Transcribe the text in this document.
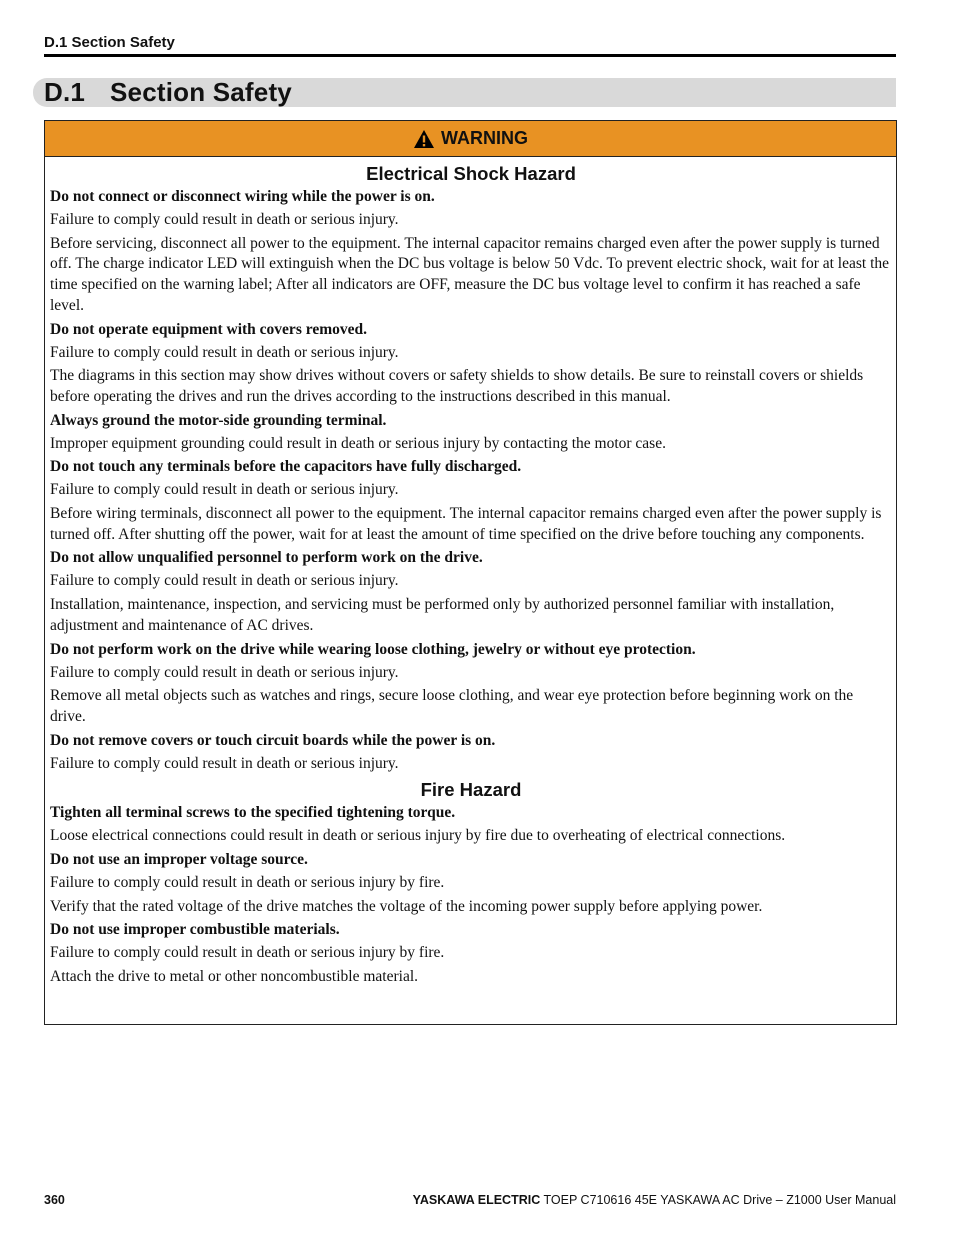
D.1 Section Safety
D.1 Section Safety
WARNING
Electrical Shock Hazard
Do not connect or disconnect wiring while the power is on.
Failure to comply could result in death or serious injury.
Before servicing, disconnect all power to the equipment. The internal capacitor remains charged even after the power supply is turned off. The charge indicator LED will extinguish when the DC bus voltage is below 50 Vdc. To prevent electric shock, wait for at least the time specified on the warning label; After all indicators are OFF, measure the DC bus voltage level to confirm it has reached a safe level.
Do not operate equipment with covers removed.
Failure to comply could result in death or serious injury.
The diagrams in this section may show drives without covers or safety shields to show details. Be sure to reinstall covers or shields before operating the drives and run the drives according to the instructions described in this manual.
Always ground the motor-side grounding terminal.
Improper equipment grounding could result in death or serious injury by contacting the motor case.
Do not touch any terminals before the capacitors have fully discharged.
Failure to comply could result in death or serious injury.
Before wiring terminals, disconnect all power to the equipment. The internal capacitor remains charged even after the power supply is turned off. After shutting off the power, wait for at least the amount of time specified on the drive before touching any components.
Do not allow unqualified personnel to perform work on the drive.
Failure to comply could result in death or serious injury.
Installation, maintenance, inspection, and servicing must be performed only by authorized personnel familiar with installation, adjustment and maintenance of AC drives.
Do not perform work on the drive while wearing loose clothing, jewelry or without eye protection.
Failure to comply could result in death or serious injury.
Remove all metal objects such as watches and rings, secure loose clothing, and wear eye protection before beginning work on the drive.
Do not remove covers or touch circuit boards while the power is on.
Failure to comply could result in death or serious injury.
Fire Hazard
Tighten all terminal screws to the specified tightening torque.
Loose electrical connections could result in death or serious injury by fire due to overheating of electrical connections.
Do not use an improper voltage source.
Failure to comply could result in death or serious injury by fire.
Verify that the rated voltage of the drive matches the voltage of the incoming power supply before applying power.
Do not use improper combustible materials.
Failure to comply could result in death or serious injury by fire.
Attach the drive to metal or other noncombustible material.
360	YASKAWA ELECTRIC TOEP C710616 45E YASKAWA AC Drive – Z1000 User Manual
